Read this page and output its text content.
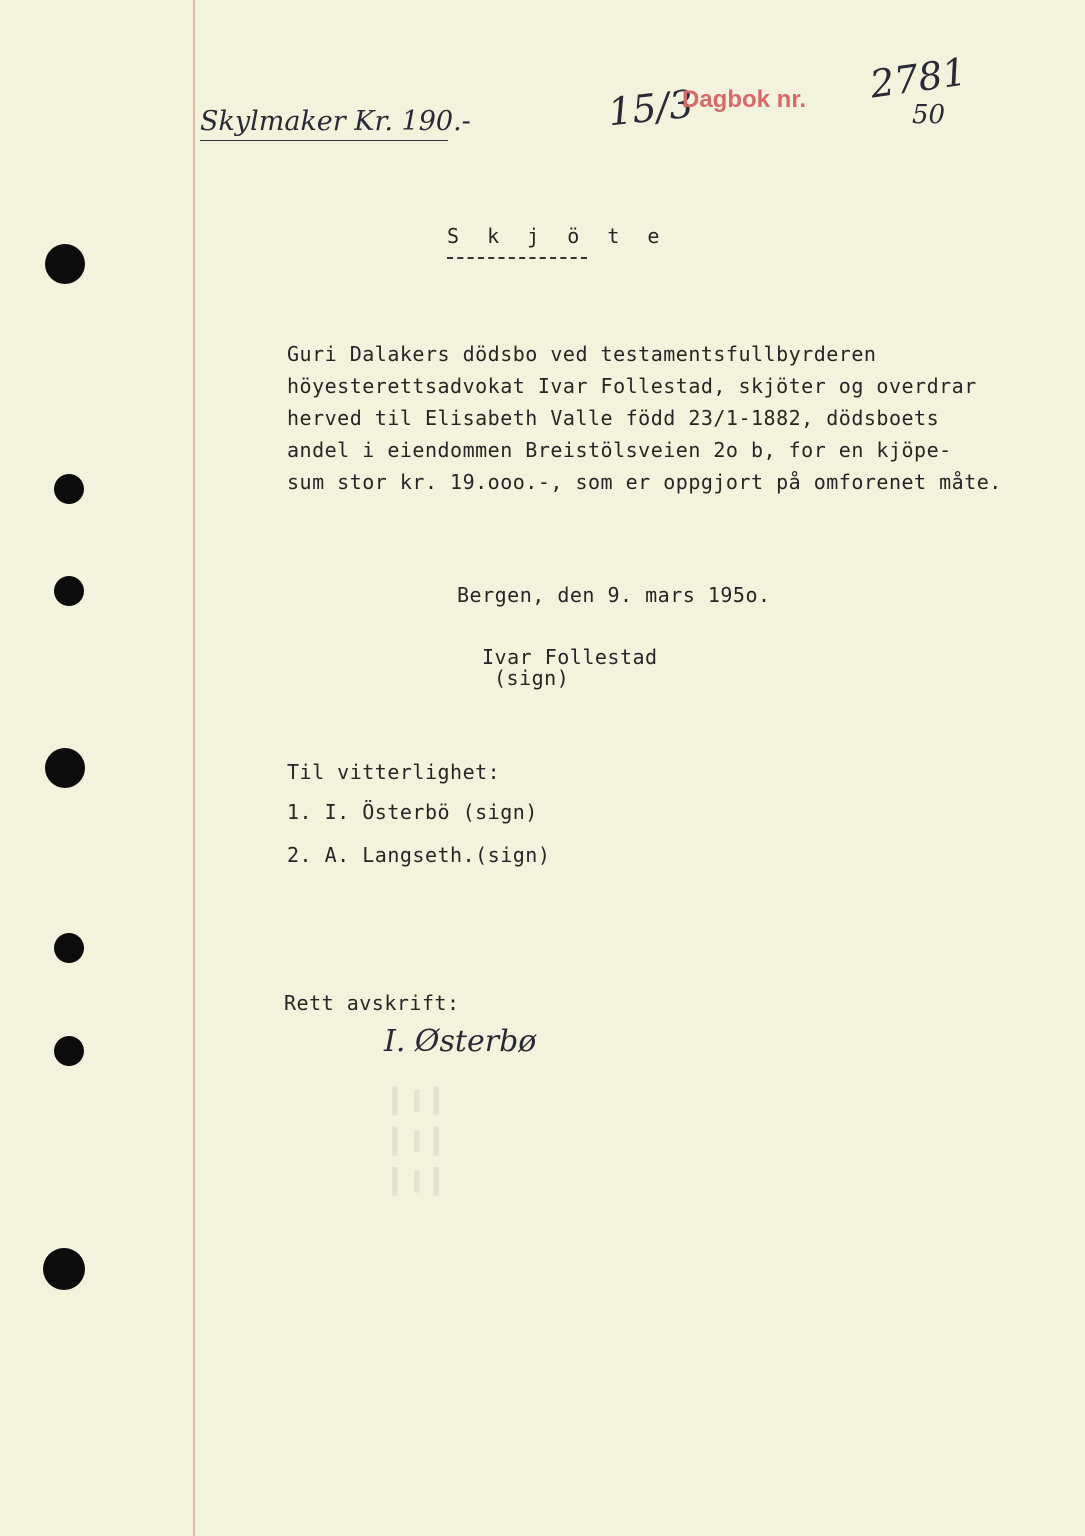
ΞΞΞ
Skylmaker Kr. 190.-	15/3
Dagbok nr. 2781
50
S k j ö t e
Guri Dalakers dödsbo ved testamentsfullbyrderen
höyesterettsadvokat Ivar Follestad, skjöter og overdrar
herved til Elisabeth Valle född 23/1-1882, dödsboets
andel i eiendommen Breistölsveien 2o b, for en kjöpe-
sum stor kr. 19.ooo.-, som er oppgjort på omforenet måte.
Bergen, den 9. mars 195o.
Ivar Follestad
(sign)
Til vitterlighet:
1. I. Österbö (sign)
2. A. Langseth.(sign)
Rett avskrift:
I. Østerbø
